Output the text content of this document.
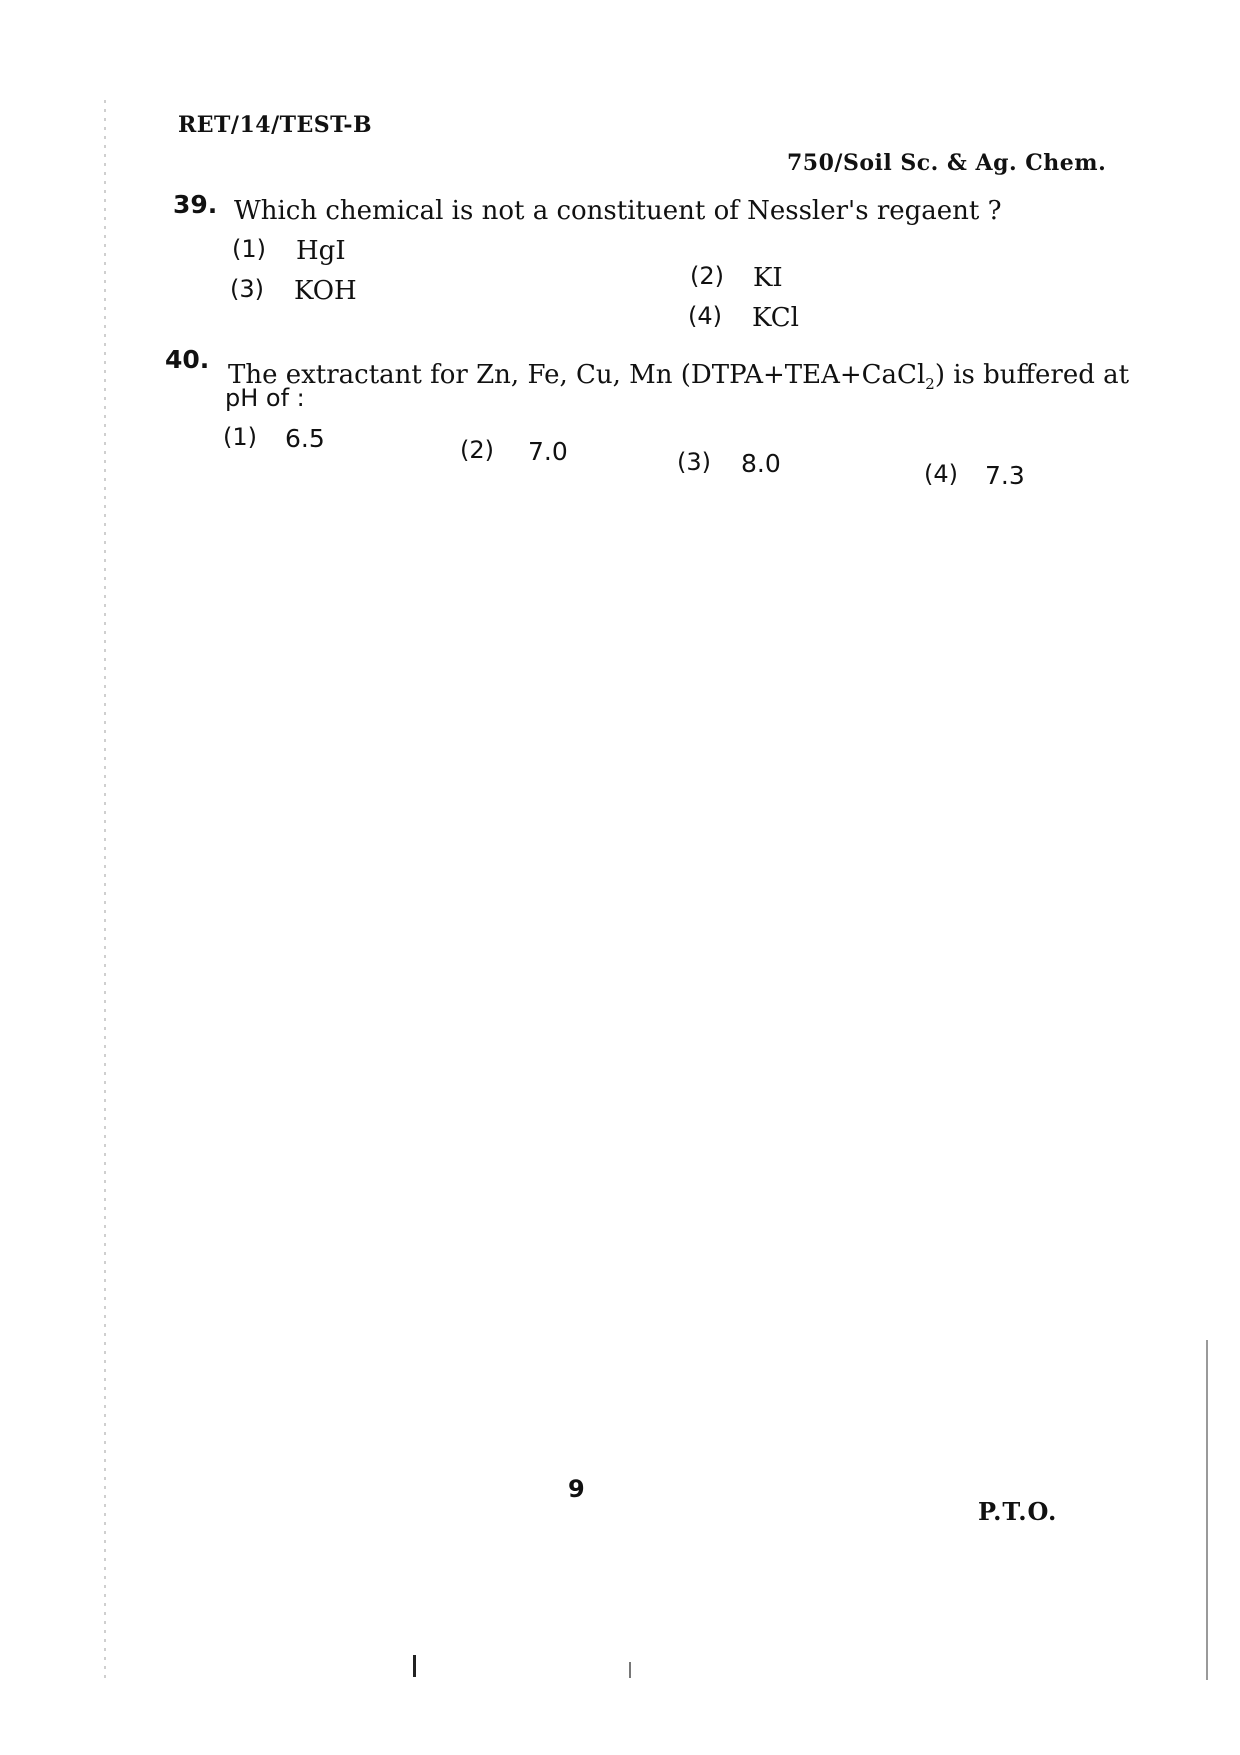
RET/14/TEST-B
750/Soil Sc. & Ag. Chem.
39. Which chemical is not a constituent of Nessler's regaent ?
(1) HgI
(2) KI
(3) KOH
(4) KCl
40.
The extractant for Zn, Fe, Cu, Mn (DTPA+TEA+CaCl$_2$) is buffered at
pH of :
(1) 6.5	(2) 7.0	(3) 8.0	(4) 7.3
9
P.T.O.
